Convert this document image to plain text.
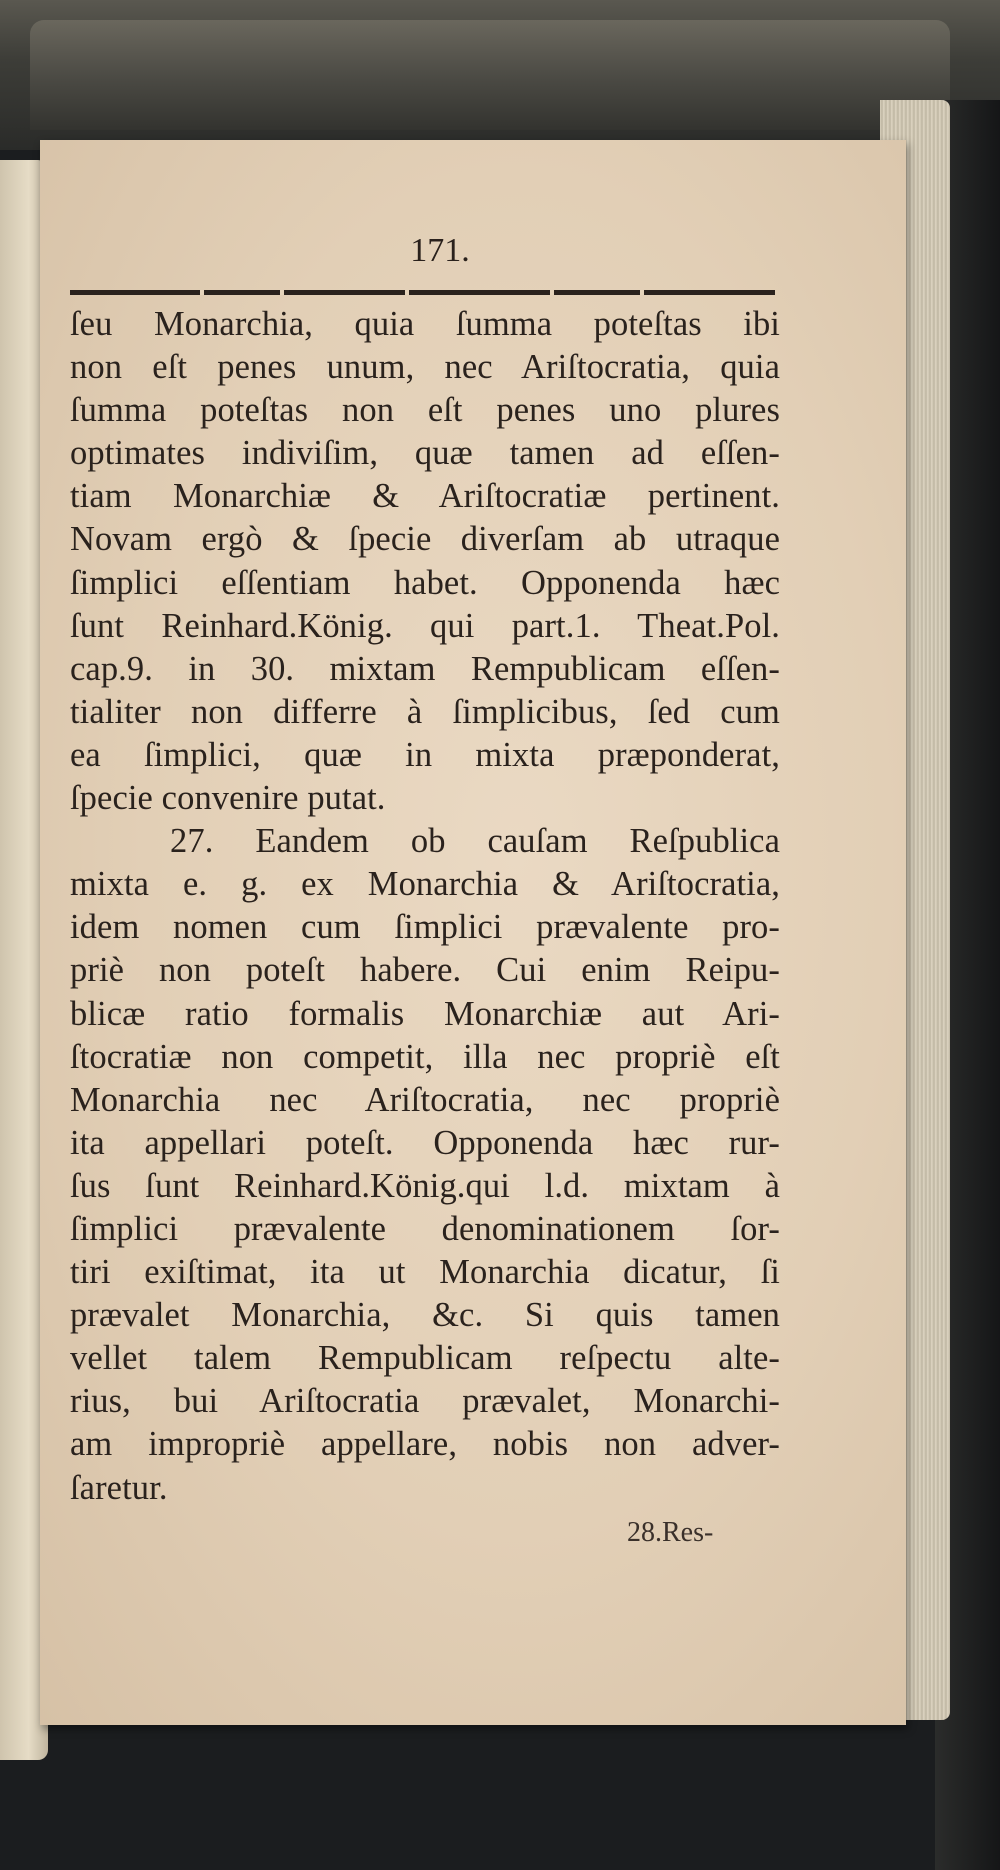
171.
ſeu Monarchia, quia ſumma poteſtas ibi
non eſt penes unum, nec Ariſtocratia, quia
ſumma poteſtas non eſt penes uno plures
optimates indiviſim, quæ tamen ad eſſen-
tiam Monarchiæ & Ariſtocratiæ pertinent.
Novam ergò & ſpecie diverſam ab utraque
ſimplici eſſentiam habet. Opponenda hæc
ſunt Reinhard.König. qui part.1. Theat.Pol.
cap.9. in 30. mixtam Rempublicam eſſen-
tialiter non differre à ſimplicibus, ſed cum
ea ſimplici, quæ in mixta præponderat,
ſpecie convenire putat.
27. Eandem ob cauſam Reſpublica
mixta e. g. ex Monarchia & Ariſtocratia,
idem nomen cum ſimplici prævalente pro-
priè non poteſt habere. Cui enim Reipu-
blicæ ratio formalis Monarchiæ aut Ari-
ſtocratiæ non competit, illa nec propriè eſt
Monarchia nec Ariſtocratia, nec propriè
ita appellari poteſt. Opponenda hæc rur-
ſus ſunt Reinhard.König.qui l.d. mixtam à
ſimplici prævalente denominationem ſor-
tiri exiſtimat, ita ut Monarchia dicatur, ſi
prævalet Monarchia, &c. Si quis tamen
vellet talem Rempublicam reſpectu alte-
rius, bui Ariſtocratia prævalet, Monarchi-
am impropriè appellare, nobis non adver-
ſaretur.
28.Res-
